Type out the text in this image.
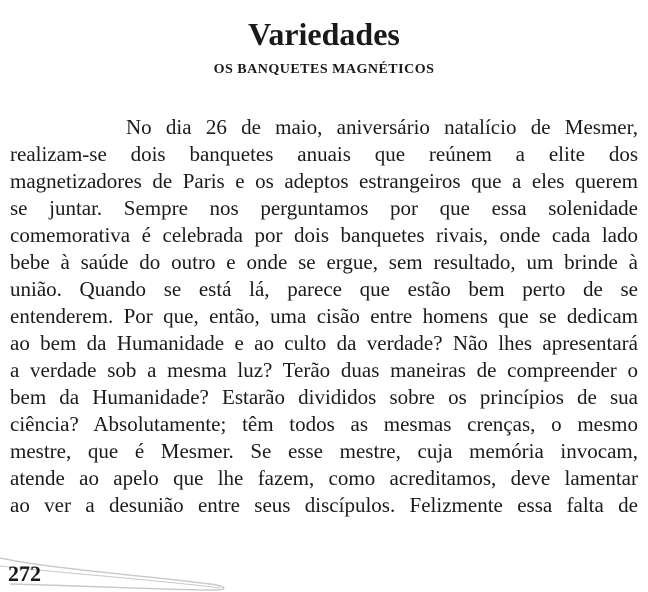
Variedades
OS BANQUETES MAGNÉTICOS
No dia 26 de maio, aniversário natalício de Mesmer,
realizam-se dois banquetes anuais que reúnem a elite dos
magnetizadores de Paris e os adeptos estrangeiros que a eles querem
se juntar. Sempre nos perguntamos por que essa solenidade
comemorativa é celebrada por dois banquetes rivais, onde cada lado
bebe à saúde do outro e onde se ergue, sem resultado, um brinde à
união. Quando se está lá, parece que estão bem perto de se
entenderem. Por que, então, uma cisão entre homens que se dedicam
ao bem da Humanidade e ao culto da verdade? Não lhes apresentará
a verdade sob a mesma luz? Terão duas maneiras de compreender o
bem da Humanidade? Estarão divididos sobre os princípios de sua
ciência? Absolutamente; têm todos as mesmas crenças, o mesmo
mestre, que é Mesmer. Se esse mestre, cuja memória invocam,
atende ao apelo que lhe fazem, como acreditamos, deve lamentar
ao ver a desunião entre seus discípulos. Felizmente essa falta de
272
